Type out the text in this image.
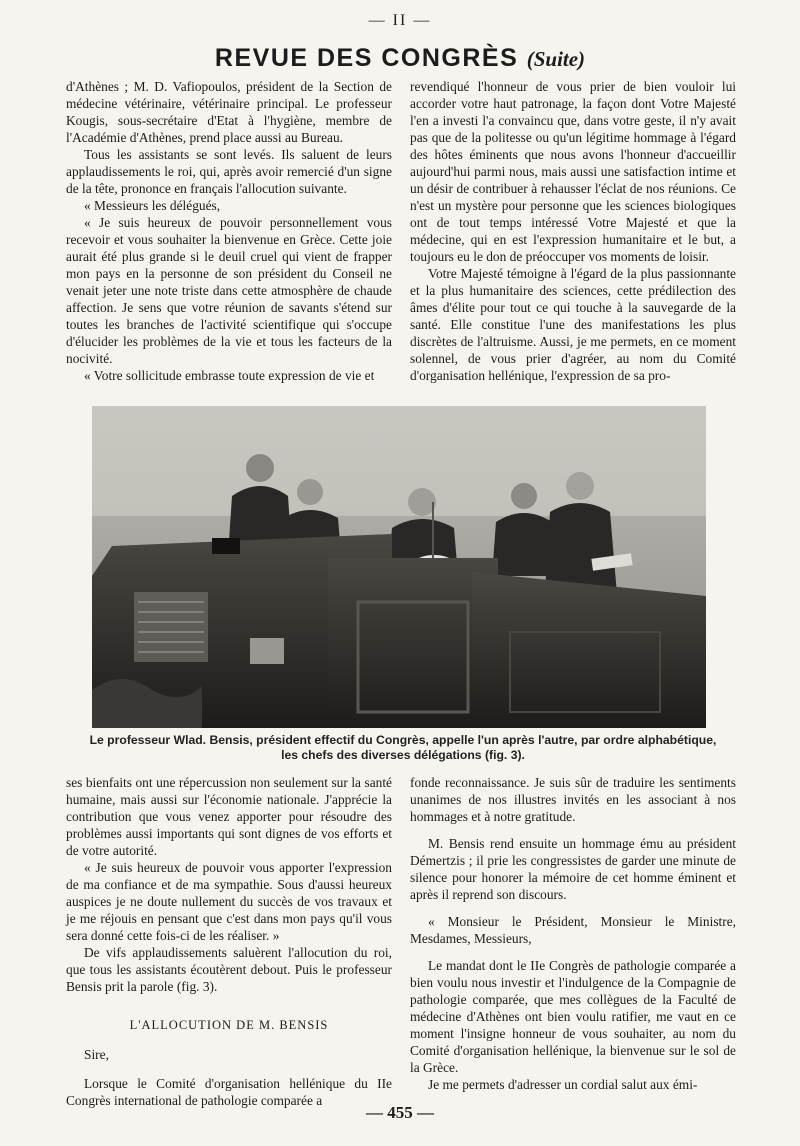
— II —
REVUE DES CONGRÈS (Suite)

d'Athènes ; M. D. Vafiopoulos, président de la Section de médecine vétérinaire, vétérinaire principal. Le professeur Kougis, sous-secrétaire d'Etat à l'hygiène, membre de l'Académie d'Athènes, prend place aussi au Bureau.

Tous les assistants se sont levés. Ils saluent de leurs applaudissements le roi, qui, après avoir remercié d'un signe de la tête, prononce en français l'allocution suivante.

« Messieurs les délégués,

« Je suis heureux de pouvoir personnellement vous recevoir et vous souhaiter la bienvenue en Grèce. Cette joie aurait été plus grande si le deuil cruel qui vient de frapper mon pays en la personne de son président du Conseil ne venait jeter une note triste dans cette atmosphère de chaude affection. Je sens que votre réunion de savants s'étend sur toutes les branches de l'activité scientifique qui s'occupe d'élucider les problèmes de la vie et tous les facteurs de la nocivité.

« Votre sollicitude embrasse toute expression de vie et

revendiqué l'honneur de vous prier de bien vouloir lui accorder votre haut patronage, la façon dont Votre Majesté l'en a investi l'a convaincu que, dans votre geste, il n'y avait pas que de la politesse ou qu'un légitime hommage à l'égard des hôtes éminents que nous avons l'honneur d'accueillir aujourd'hui parmi nous, mais aussi une satisfaction intime et un désir de contribuer à rehausser l'éclat de nos réunions. Ce n'est un mystère pour personne que les sciences biologiques ont de tout temps intéressé Votre Majesté et que la médecine, qui en est l'expression humanitaire et le but, a toujours eu le don de préoccuper vos moments de loisir.

Votre Majesté témoigne à l'égard de la plus passionnante et la plus humanitaire des sciences, cette prédilection des âmes d'élite pour tout ce qui touche à la sauvegarde de la santé. Elle constitue l'une des manifestations les plus discrètes de l'altruisme. Aussi, je me permets, en ce moment solennel, de vous prier d'agréer, au nom du Comité d'organisation hellénique, l'expression de sa pro-

Le professeur Wlad. Bensis, président effectif du Congrès, appelle l'un après l'autre, par ordre alphabétique,
les chefs des diverses délégations (fig. 3).

ses bienfaits ont une répercussion non seulement sur la santé humaine, mais aussi sur l'économie nationale. J'apprécie la contribution que vous venez apporter pour résoudre des problèmes aussi importants qui sont dignes de vos efforts et de votre autorité.

« Je suis heureux de pouvoir vous apporter l'expression de ma confiance et de ma sympathie. Sous d'aussi heureux auspices je ne doute nullement du succès de vos travaux et je me réjouis en pensant que c'est dans mon pays qu'il vous sera donné cette fois-ci de les réaliser. »

De vifs applaudissements saluèrent l'allocution du roi, que tous les assistants écoutèrent debout. Puis le professeur Bensis prit la parole (fig. 3).

L'ALLOCUTION DE M. BENSIS

Sire,

Lorsque le Comité d'organisation hellénique du IIe Congrès international de pathologie comparée a

fonde reconnaissance. Je suis sûr de traduire les sentiments unanimes de nos illustres invités en les associant à nos hommages et à notre gratitude.

M. Bensis rend ensuite un hommage ému au président Démertzis ; il prie les congressistes de garder une minute de silence pour honorer la mémoire de cet homme éminent et après il reprend son discours.

« Monsieur le Président, Monsieur le Ministre, Mesdames, Messieurs,

Le mandat dont le IIe Congrès de pathologie comparée a bien voulu nous investir et l'indulgence de la Compagnie de pathologie comparée, que mes collègues de la Faculté de médecine d'Athènes ont bien voulu ratifier, me vaut en ce moment l'insigne honneur de vous souhaiter, au nom du Comité d'organisation hellénique, la bienvenue sur le sol de la Grèce.

Je me permets d'adresser un cordial salut aux émi-

— 455 —
